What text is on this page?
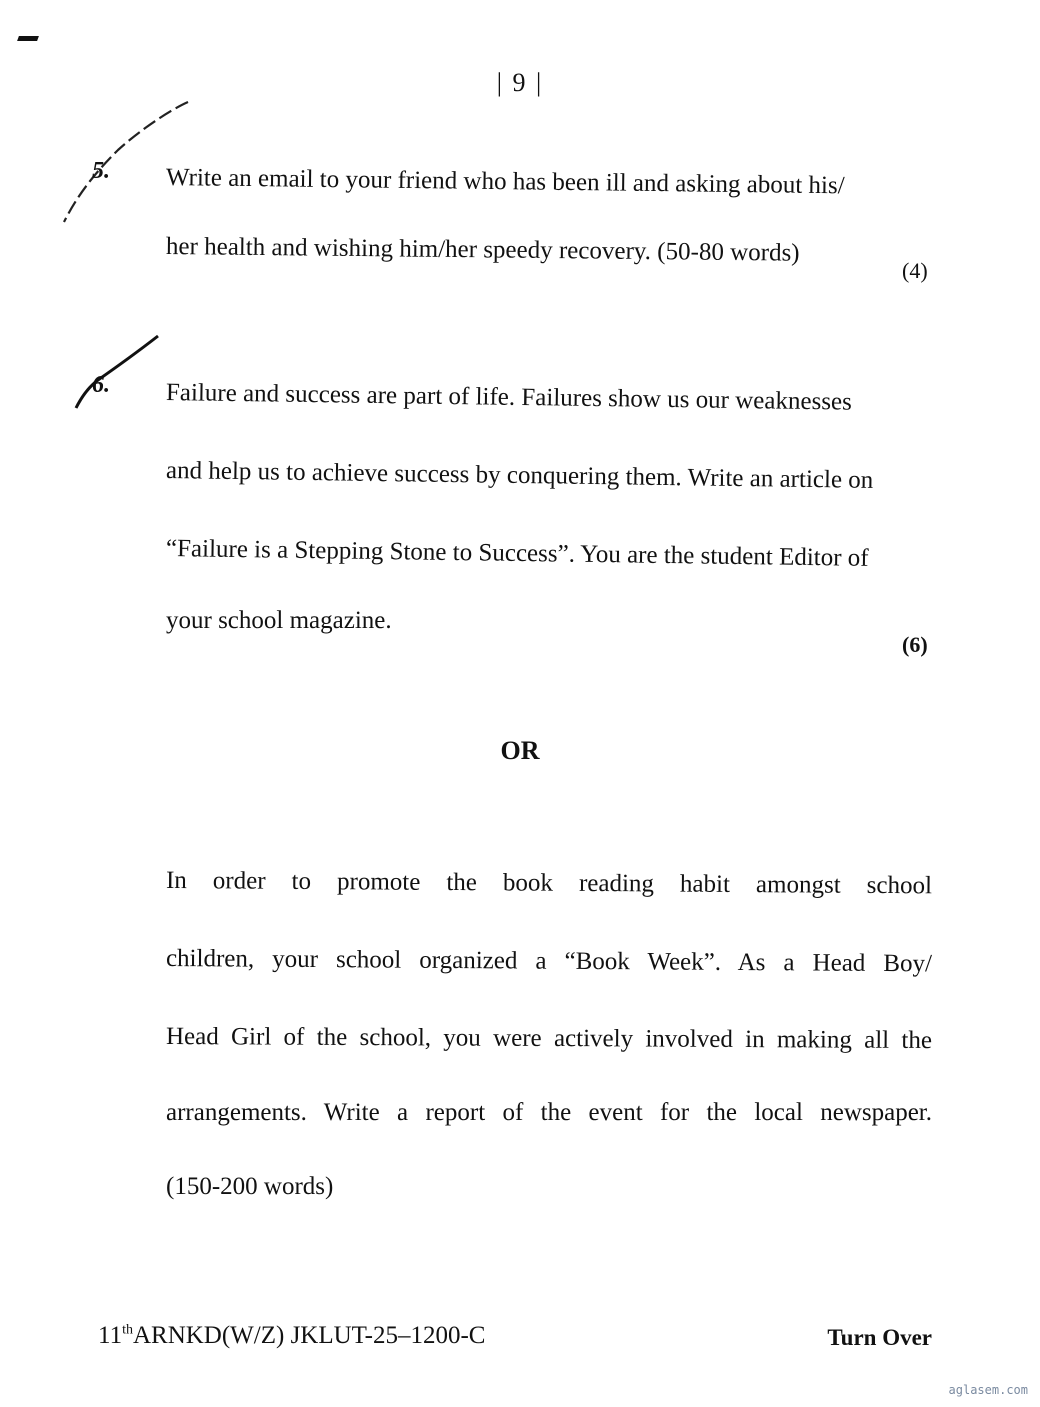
| 9 |
5. Write an email to your friend who has been ill and asking about his/
her health and wishing him/her speedy recovery. (50-80 words)
(4)
6. Failure and success are part of life. Failures show us our weaknesses
and help us to achieve success by conquering them. Write an article on
“Failure is a Stepping Stone to Success”. You are the student Editor of
your school magazine.
(6)
OR
In order to promote the book reading habit amongst school
children, your school organized a “Book Week”. As a Head Boy/
Head Girl of the school, you were actively involved in making all the
arrangements. Write a report of the event for the local newspaper.
(150-200 words)
11thARNKD(W/Z) JKLUT-25–1200-C	Turn Over
aglasem.com
